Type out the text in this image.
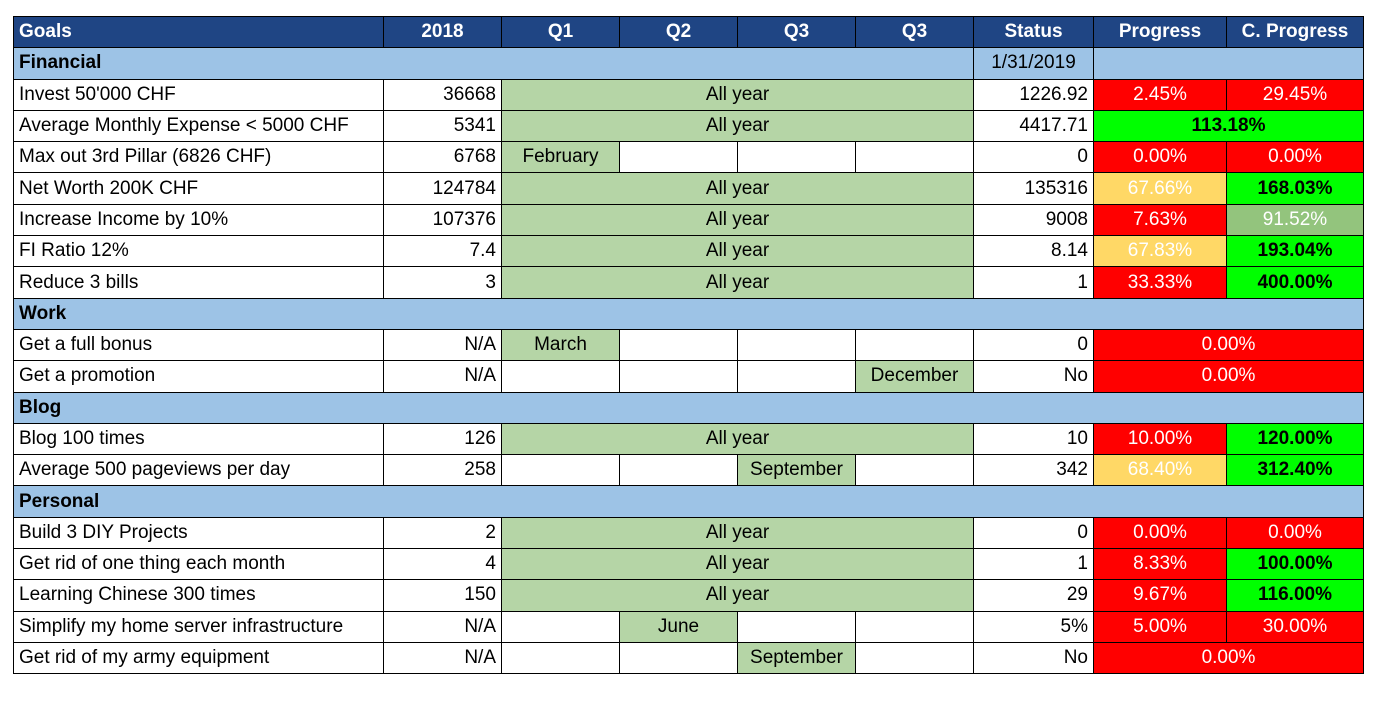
Goals	2018	Q1	Q2	Q3	Q3	Status	Progress	C. Progress
Financial						1/31/2019		
Invest 50'000 CHF	36668	All year				1226.92	2.45%	29.45%
Average Monthly Expense < 5000 CHF	5341	All year				4417.71	113.18%	
Max out 3rd Pillar (6826 CHF)	6768	February				0	0.00%	0.00%
Net Worth 200K CHF	124784	All year				135316	67.66%	168.03%
Increase Income by 10%	107376	All year				9008	7.63%	91.52%
FI Ratio 12%	7.4	All year				8.14	67.83%	193.04%
Reduce 3 bills	3	All year				1	33.33%	400.00%
Work								
Get a full bonus	N/A	March				0	0.00%	
Get a promotion	N/A				December	No	0.00%	
Blog								
Blog 100 times	126	All year				10	10.00%	120.00%
Average 500 pageviews per day	258			September		342	68.40%	312.40%
Personal								
Build 3 DIY Projects	2	All year				0	0.00%	0.00%
Get rid of one thing each month	4	All year				1	8.33%	100.00%
Learning Chinese 300 times	150	All year				29	9.67%	116.00%
Simplify my home server infrastructure	N/A		June			5%	5.00%	30.00%
Get rid of my army equipment	N/A			September		No	0.00%	
